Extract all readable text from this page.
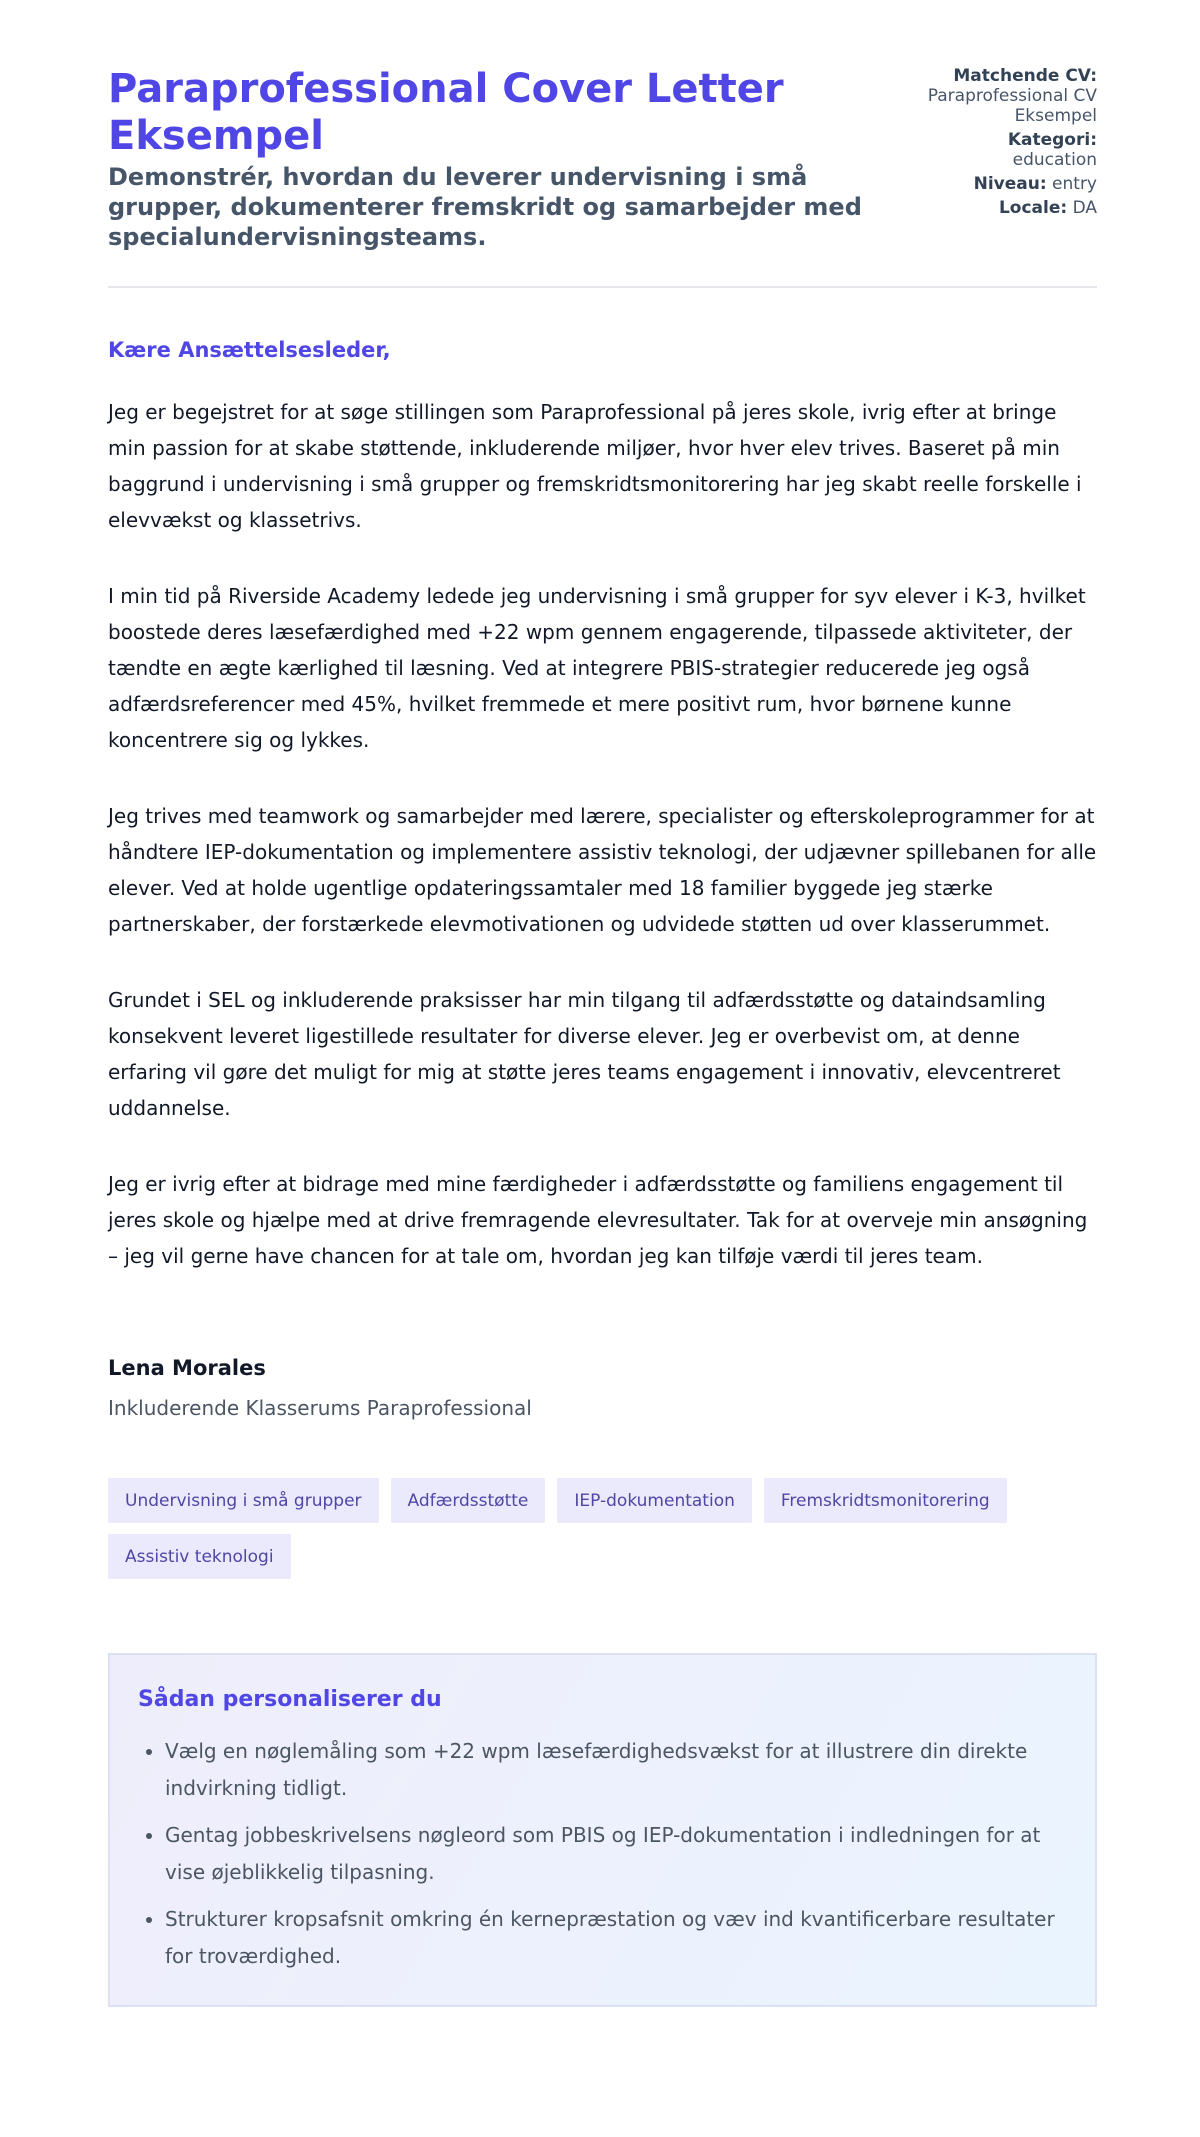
Paraprofessional Cover Letter Eksempel
Demonstrér, hvordan du leverer undervisning i små grupper, dokumenterer fremskridt og samarbejder med specialundervisningsteams.
Matchende CV:
Paraprofessional CV Eksempel
Kategori:
education
Niveau: entry
Locale: DA

Kære Ansættelsesleder,

Jeg er begejstret for at søge stillingen som Paraprofessional på jeres skole, ivrig efter at bringe min passion for at skabe støttende, inkluderende miljøer, hvor hver elev trives. Baseret på min baggrund i undervisning i små grupper og fremskridtsmonitorering har jeg skabt reelle forskelle i elevvækst og klassetrivs.

I min tid på Riverside Academy ledede jeg undervisning i små grupper for syv elever i K-3, hvilket boostede deres læsefærdighed med +22 wpm gennem engagerende, tilpassede aktiviteter, der tændte en ægte kærlighed til læsning. Ved at integrere PBIS-strategier reducerede jeg også adfærdsreferencer med 45%, hvilket fremmede et mere positivt rum, hvor børnene kunne koncentrere sig og lykkes.

Jeg trives med teamwork og samarbejder med lærere, specialister og efterskoleprogrammer for at håndtere IEP-dokumentation og implementere assistiv teknologi, der udjævner spillebanen for alle elever. Ved at holde ugentlige opdateringssamtaler med 18 familier byggede jeg stærke partnerskaber, der forstærkede elevmotivationen og udvidede støtten ud over klasserummet.

Grundet i SEL og inkluderende praksisser har min tilgang til adfærdsstøtte og dataindsamling konsekvent leveret ligestillede resultater for diverse elever. Jeg er overbevist om, at denne erfaring vil gøre det muligt for mig at støtte jeres teams engagement i innovativ, elevcentreret uddannelse.

Jeg er ivrig efter at bidrage med mine færdigheder i adfærdsstøtte og familiens engagement til jeres skole og hjælpe med at drive fremragende elevresultater. Tak for at overveje min ansøgning – jeg vil gerne have chancen for at tale om, hvordan jeg kan tilføje værdi til jeres team.

Lena Morales

Inkluderende Klasserums Paraprofessional

Undervisning i små grupper	Adfærdsstøtte	IEP-dokumentation	Fremskridtsmonitorering
Assistiv teknologi
Sådan personaliserer du
• Vælg en nøglemåling som +22 wpm læsefærdighedsvækst for at illustrere din direkte indvirkning tidligt.
• Gentag jobbeskrivelsens nøgleord som PBIS og IEP-dokumentation i indledningen for at vise øjeblikkelig tilpasning.
• Strukturer kropsafsnit omkring én kernepræstation og væv ind kvantificerbare resultater for troværdighed.
